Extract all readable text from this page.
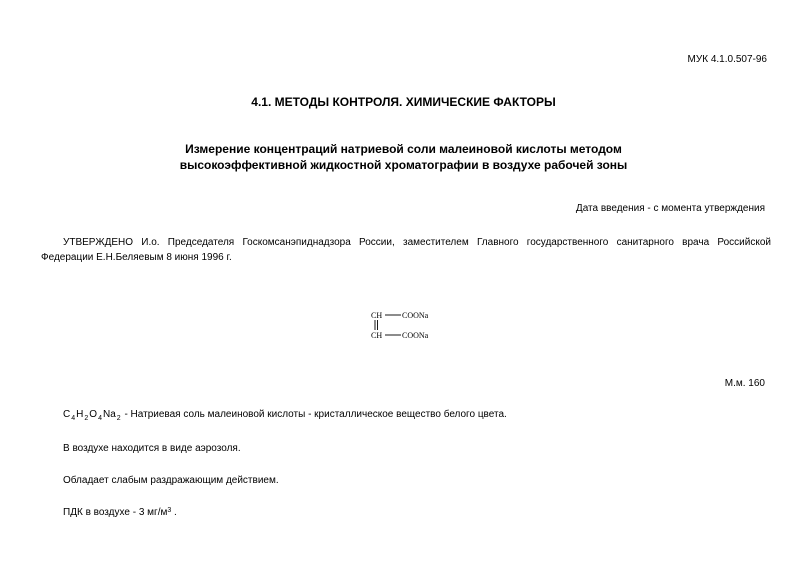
МУК 4.1.0.507-96
4.1. МЕТОДЫ КОНТРОЛЯ. ХИМИЧЕСКИЕ ФАКТОРЫ
Измерение концентраций натриевой соли малеиновой кислоты методом
высокоэффективной жидкостной хроматографии в воздухе рабочей зоны
Дата введения - с момента утверждения
УТВЕРЖДЕНО И.о. Председателя Госкомсанэпиднадзора России, заместителем Главного государственного санитарного врача Российской Федерации Е.Н.Беляевым 8 июня 1996 г.
CH COONa
CH COONa
М.м. 160
$C_4H_2O_4Na_2$ - Натриевая соль малеиновой кислоты - кристаллическое вещество белого цвета.
В воздухе находится в виде аэрозоля.
Обладает слабым раздражающим действием.
ПДК в воздухе - 3 $мг/м^3$ .
